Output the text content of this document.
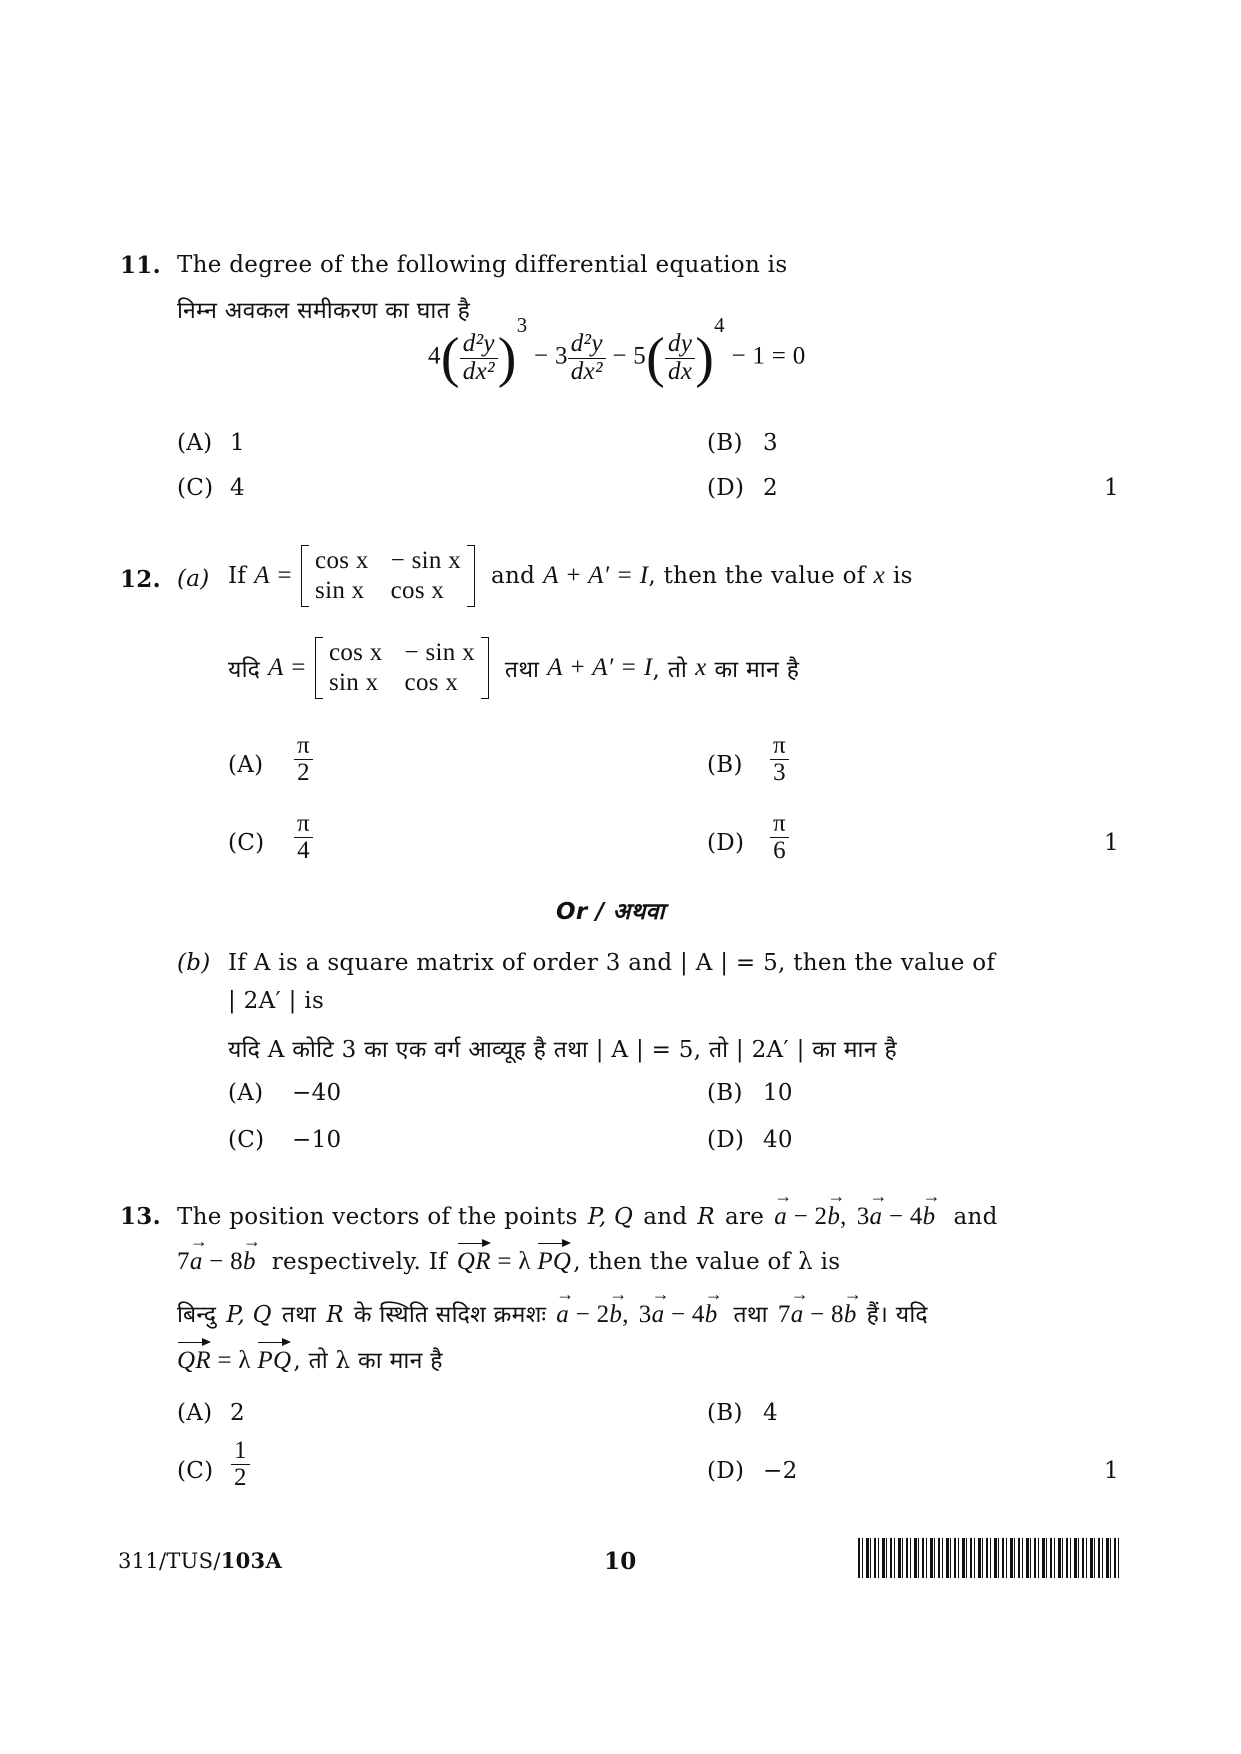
11. The degree of the following differential equation is
निम्न अवकल समीकरण का घात है
$4( \frac{\text{d²y}}{\text{dx²}} )^3 - 3 \frac{\text{d²y}}{\text{dx²}} - 5( \frac{dy}{dx} )^4 - 1 = 0$
(A) 1	(B) 3
(C) 4	(D) 2	1
12. (a) If A =
cos x − sin x
sin x cos x
and A + A′ = I , then the value of x is
यदि A =
cos x − sin x
sin x cos x	तथा A + A′ = I , तो x का मान है
$(A) \frac{\pi}{2}$	$(B) \frac{\pi}{3}$
$(C) \frac{\pi}{4}$	$(D) \frac{\pi}{6}$	1
Or / अथवा
(b) If A is a square matrix of order 3 and | A | = 5, then the value of
| 2A′ | is
यदि A कोटि 3 का एक वर्ग आव्यूह है तथा | A | = 5, तो | 2A′ | का मान है
(A) −40	(B) 10
(C) −10	(D) 40
13. The position vectors of the points P, Q and R are → a − 2→ b, 3→ a − 4→ b and
7→ a − 8→ b respectively. If QR = λ PQ , then the value of λ is
बिन्दु P, Q तथा R के स्थिति सदिश क्रमशः → a − 2→ b, 3→ a − 4→ b तथा 7→ a − 8→ b हैं। यदि
QR = λ PQ , तो λ का मान है
(A) 2	(B) 4
$(C) \frac{1}{2}$	(D) −2	1
311/TUS/103A	10
